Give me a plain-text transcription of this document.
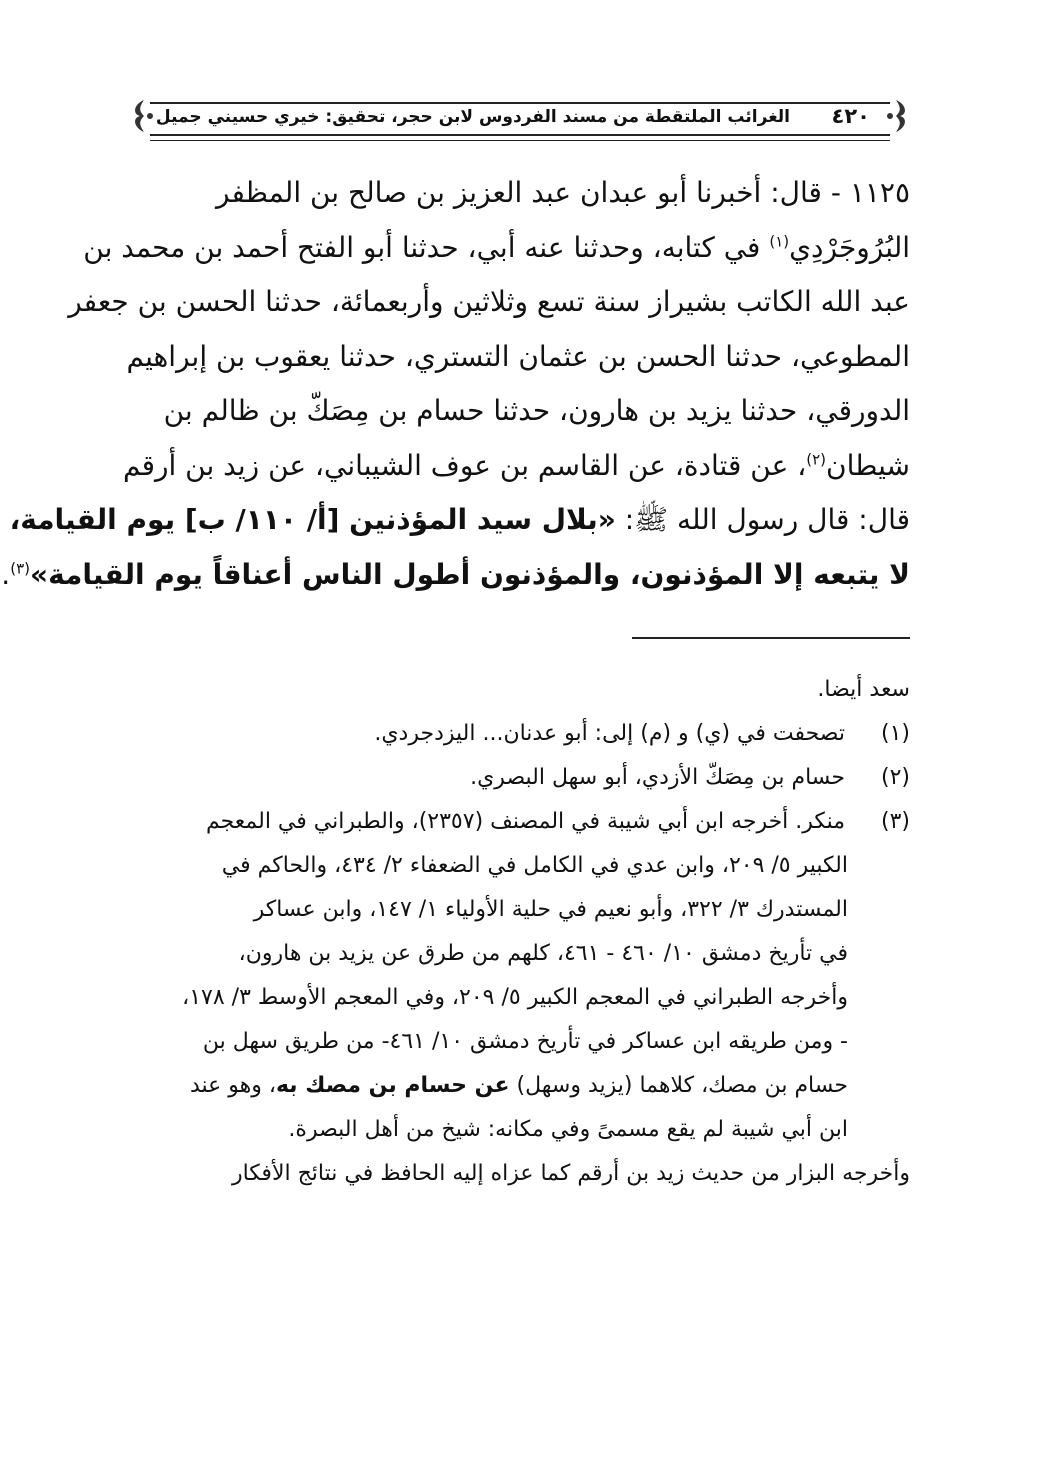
٤٢٠
الغرائب الملتقطة من مسند الفردوس لابن حجر، تحقيق: خيري حسيني جميل
١١٢٥ - قال: أخبرنا أبو عبدان عبد العزيز بن صالح بن المظفر
البُرُوجَرْدِي$^{(١)}$ في كتابه، وحدثنا عنه أبي، حدثنا أبو الفتح أحمد بن محمد بن
عبد الله الكاتب بشيراز سنة تسع وثلاثين وأربعمائة، حدثنا الحسن بن جعفر
المطوعي، حدثنا الحسن بن عثمان التستري، حدثنا يعقوب بن إبراهيم
الدورقي، حدثنا يزيد بن هارون، حدثنا حسام بن مِصَكّ بن ظالم بن
شيطان$^{(٢)}$، عن قتادة، عن القاسم بن عوف الشيباني، عن زيد بن أرقم
قال: قال رسول الله ﷺ: «بلال سيد المؤذنين [أ/ ١١٠/ ب] يوم القيامة،
لا يتبعه إلا المؤذنون، والمؤذنون أطول الناس أعناقاً يوم القيامة»$^{(٣)}$.
سعد أيضا.
(١) تصحفت في (ي) و (م) إلى: أبو عدنان... اليزدجردي.
(٢) حسام بن مِصَكّ الأزدي، أبو سهل البصري.
(٣) منكر. أخرجه ابن أبي شيبة في المصنف (٢٣٥٧)، والطبراني في المعجم
الكبير ٥/ ٢٠٩، وابن عدي في الكامل في الضعفاء ٢/ ٤٣٤، والحاكم في
المستدرك ٣/ ٣٢٢، وأبو نعيم في حلية الأولياء ١/ ١٤٧، وابن عساكر
في تأريخ دمشق ١٠/ ٤٦٠ - ٤٦١، كلهم من طرق عن يزيد بن هارون،
وأخرجه الطبراني في المعجم الكبير ٥/ ٢٠٩، وفي المعجم الأوسط ٣/ ١٧٨،
- ومن طريقه ابن عساكر في تأريخ دمشق ١٠/ ٤٦١- من طريق سهل بن
حسام بن مصك، كلاهما (يزيد وسهل) عن حسام بن مصك به، وهو عند
ابن أبي شيبة لم يقع مسمىً وفي مكانه: شيخ من أهل البصرة.
وأخرجه البزار من حديث زيد بن أرقم كما عزاه إليه الحافظ في نتائج الأفكار
